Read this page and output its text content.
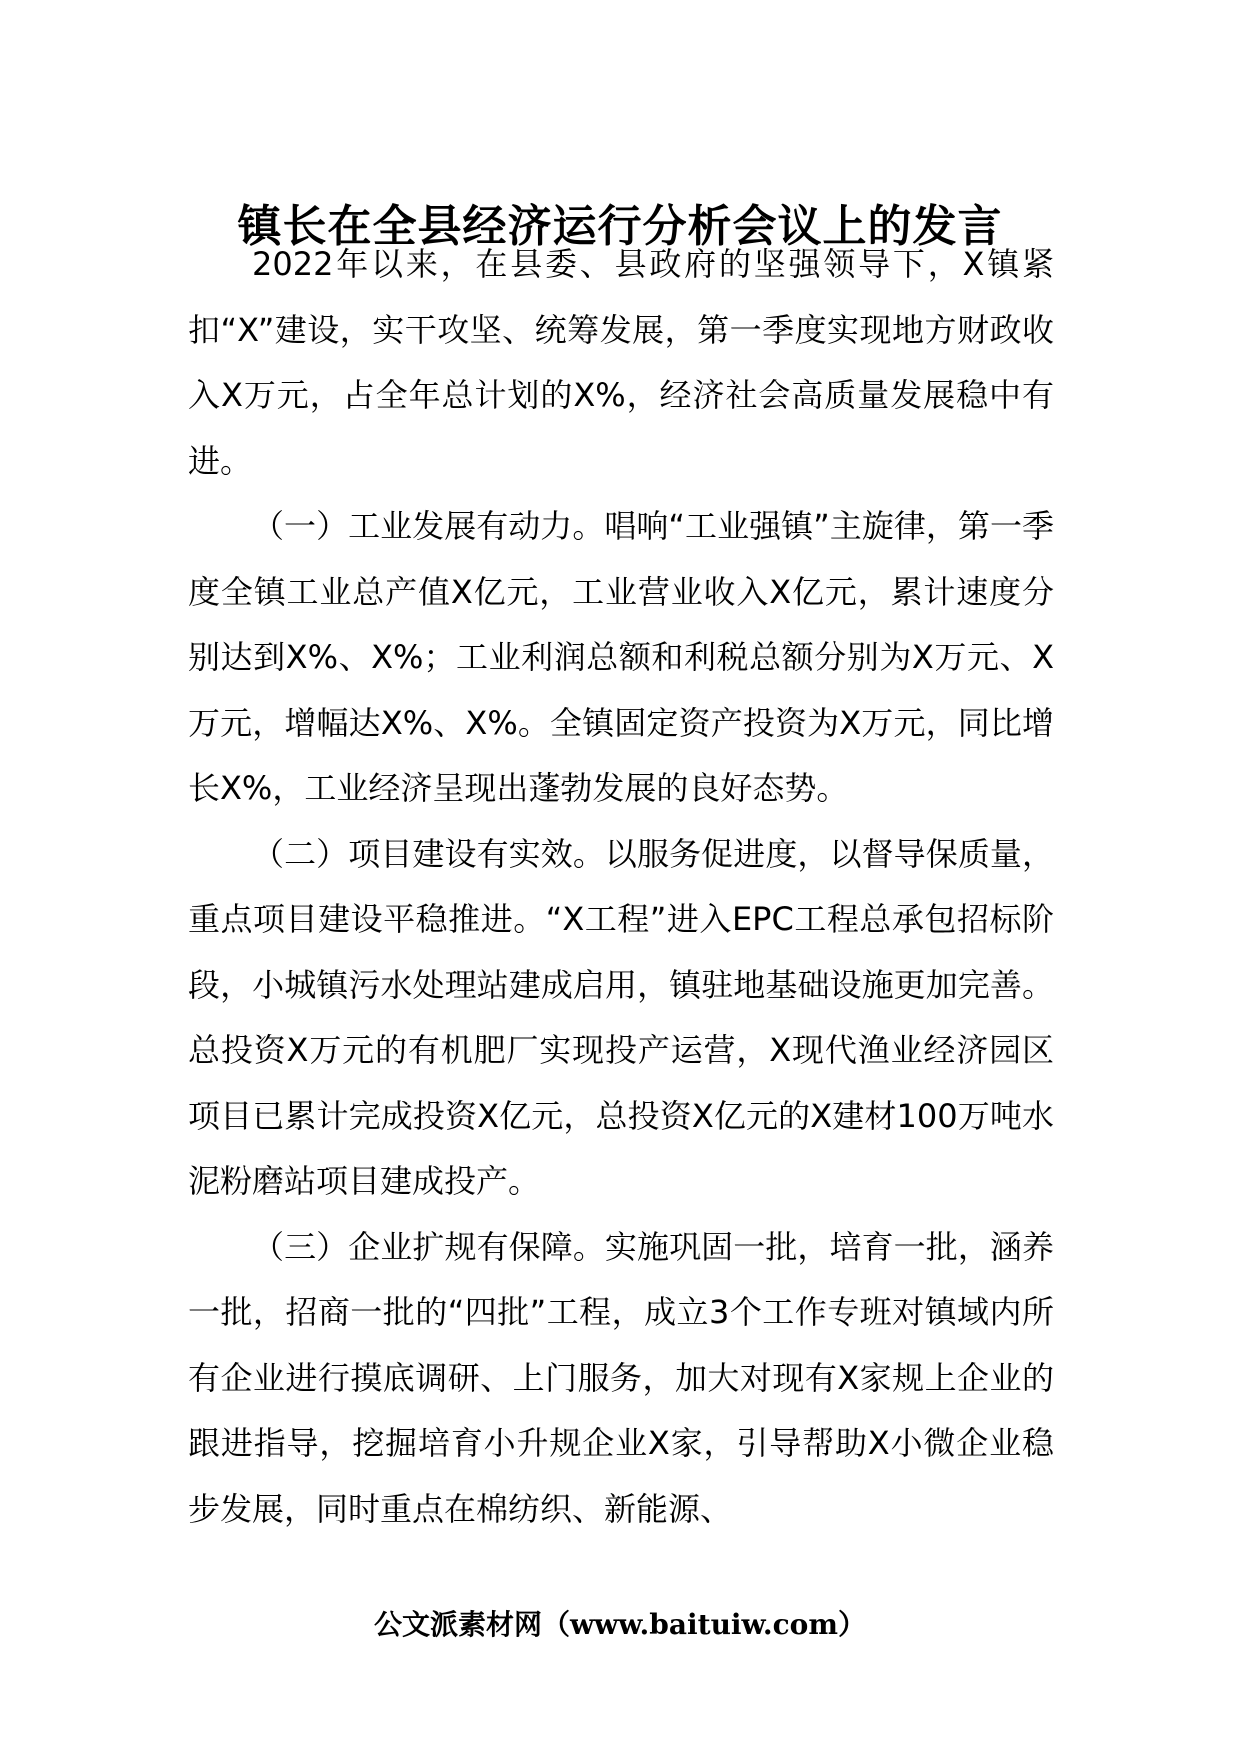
镇长在全县经济运行分析会议上的发言

2022年以来，在县委、县政府的坚强领导下，X镇紧扣“X”建设，实干攻坚、统筹发展，第一季度实现地方财政收入X万元，占全年总计划的X%，经济社会高质量发展稳中有进。

（一）工业发展有动力。唱响“工业强镇”主旋律，第一季度全镇工业总产值X亿元，工业营业收入X亿元，累计速度分别达到X%、X%；工业利润总额和利税总额分别为X万元、X万元，增幅达X%、X%。全镇固定资产投资为X万元，同比增长X%，工业经济呈现出蓬勃发展的良好态势。

（二）项目建设有实效。以服务促进度，以督导保质量，重点项目建设平稳推进。“X工程”进入EPC工程总承包招标阶段，小城镇污水处理站建成启用，镇驻地基础设施更加完善。总投资X万元的有机肥厂实现投产运营，X现代渔业经济园区项目已累计完成投资X亿元，总投资X亿元的X建材100万吨水泥粉磨站项目建成投产。

（三）企业扩规有保障。实施巩固一批，培育一批，涵养一批，招商一批的“四批”工程，成立3个工作专班对镇域内所有企业进行摸底调研、上门服务，加大对现有X家规上企业的跟进指导，挖掘培育小升规企业X家，引导帮助X小微企业稳步发展，同时重点在棉纺织、新能源、

公文派素材网（www.baituiw.com）
